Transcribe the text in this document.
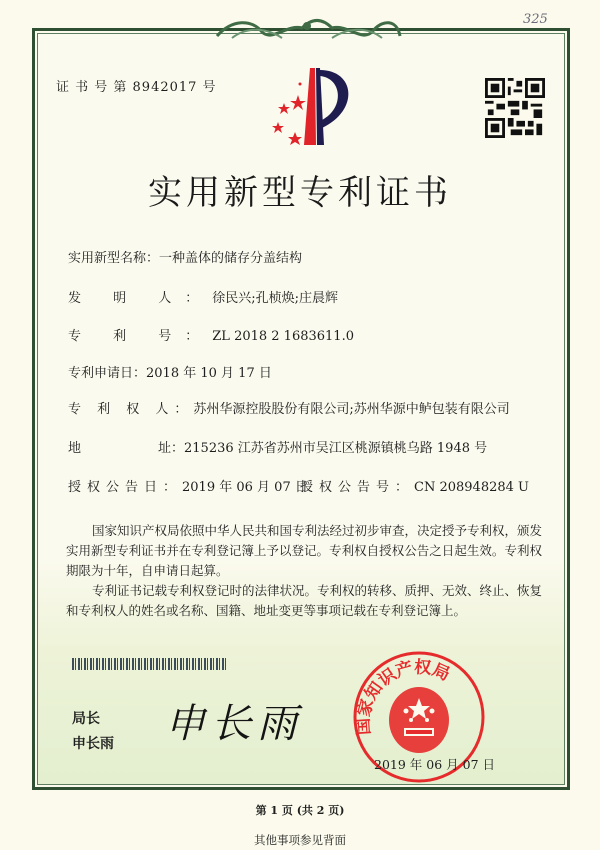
325
证 书 号 第 8942017 号
实用新型专利证书
实用新型名称：一种盖体的储存分盖结构
发 明 人：徐民兴;孔桢焕;庄晨辉
专 利 号：ZL 2018 2 1683611.0
专利申请日：2018 年 10 月 17 日
专 利 权 人：苏州华源控股股份有限公司;苏州华源中鲈包装有限公司
地	址：215236 江苏省苏州市吴江区桃源镇桃乌路 1948 号
授权公告日：2019 年 06 月 07 日
授权公告号：CN 208948284 U

国家知识产权局依照中华人民共和国专利法经过初步审查，决定授予专利权，颁发实用新型专利证书并在专利登记簿上予以登记。专利权自授权公告之日起生效。专利权期限为十年，自申请日起算。

专利证书记载专利权登记时的法律状况。专利权的转移、质押、无效、终止、恢复和专利权人的姓名或名称、国籍、地址变更等事项记载在专利登记簿上。

局长
申长雨 申长雨	国家知识产权局
2019 年 06 月 07 日
第 1 页 (共 2 页)
其他事项参见背面
